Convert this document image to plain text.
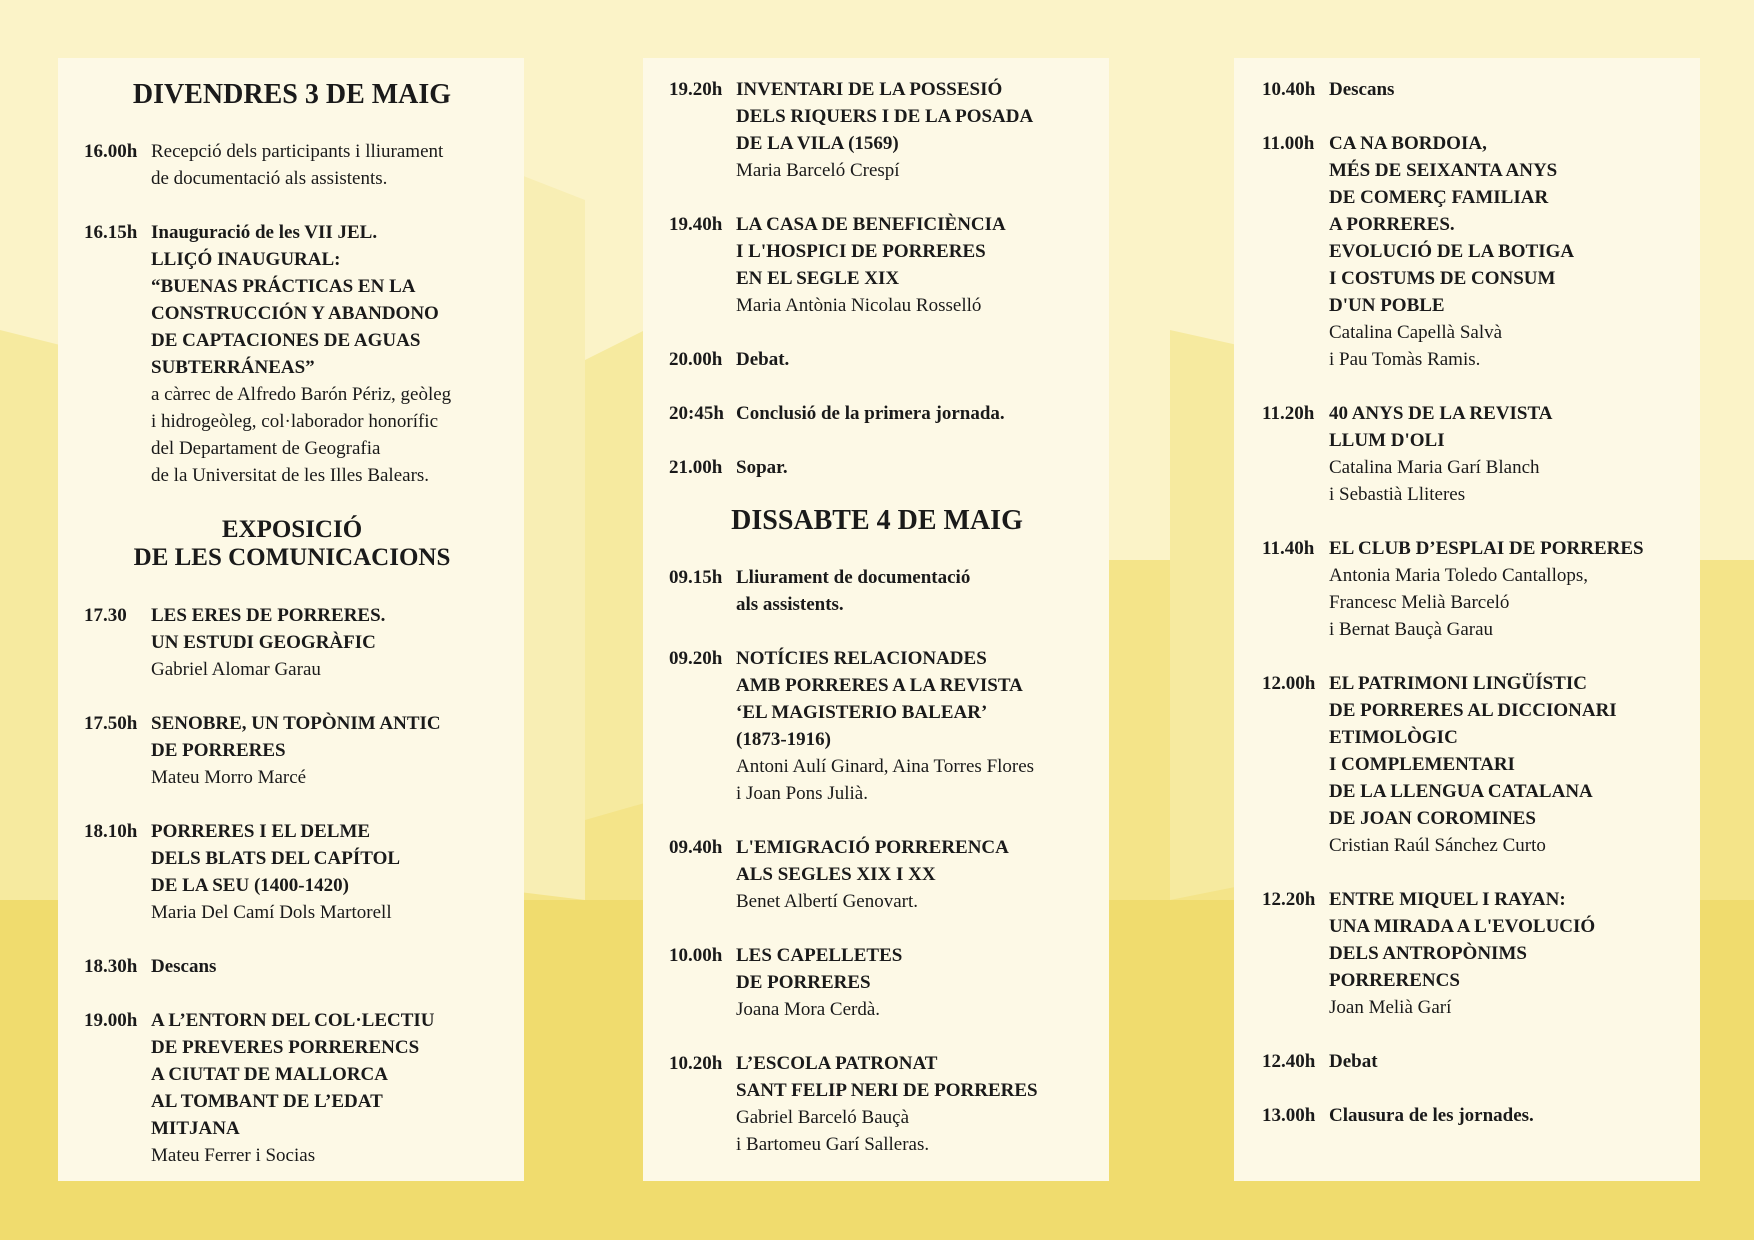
DIVENDRES 3 DE MAIG
16.00h Recepció dels participants i lliurament
de documentació als assistents.
16.15h Inauguració de les VII JEL.
LLIÇÓ INAUGURAL:
“BUENAS PRÁCTICAS EN LA
CONSTRUCCIÓN Y ABANDONO
DE CAPTACIONES DE AGUAS
SUBTERRÁNEAS”
a càrrec de Alfredo Barón Périz, geòleg
i hidrogeòleg, col·laborador honorífic
del Departament de Geografia
de la Universitat de les Illes Balears.
EXPOSICIÓ
DE LES COMUNICACIONS
17.30	LES ERES DE PORRERES.
UN ESTUDI GEOGRÀFIC
Gabriel Alomar Garau
17.50h SENOBRE, UN TOPÒNIM ANTIC
DE PORRERES
Mateu Morro Marcé
18.10h PORRERES I EL DELME
DELS BLATS DEL CAPÍTOL
DE LA SEU (1400-1420)
Maria Del Camí Dols Martorell
18.30h Descans
19.00h A L’ENTORN DEL COL·LECTIU
DE PREVERES PORRERENCS
A CIUTAT DE MALLORCA
AL TOMBANT DE L’EDAT
MITJANA
Mateu Ferrer i Socias
19.20h INVENTARI DE LA POSSESIÓ
DELS RIQUERS I DE LA POSADA
DE LA VILA (1569)
Maria Barceló Crespí
19.40h LA CASA DE BENEFICIÈNCIA
I L'HOSPICI DE PORRERES
EN EL SEGLE XIX
Maria Antònia Nicolau Rosselló
20.00h Debat.
20:45h Conclusió de la primera jornada.
21.00h Sopar.
DISSABTE 4 DE MAIG
09.15h Lliurament de documentació
als assistents.
09.20h NOTÍCIES RELACIONADES
AMB PORRERES A LA REVISTA
‘EL MAGISTERIO BALEAR’
(1873-1916)
Antoni Aulí Ginard, Aina Torres Flores
i Joan Pons Julià.
09.40h L'EMIGRACIÓ PORRERENCA
ALS SEGLES XIX I XX
Benet Albertí Genovart.
10.00h LES CAPELLETES
DE PORRERES
Joana Mora Cerdà.
10.20h L’ESCOLA PATRONAT
SANT FELIP NERI DE PORRERES
Gabriel Barceló Bauçà
i Bartomeu Garí Salleras.
10.40h Descans
11.00h CA NA BORDOIA,
MÉS DE SEIXANTA ANYS
DE COMERÇ FAMILIAR
A PORRERES.
EVOLUCIÓ DE LA BOTIGA
I COSTUMS DE CONSUM
D'UN POBLE
Catalina Capellà Salvà
i Pau Tomàs Ramis.
11.20h 40 ANYS DE LA REVISTA
LLUM D'OLI
Catalina Maria Garí Blanch
i Sebastià Lliteres
11.40h EL CLUB D’ESPLAI DE PORRERES
Antonia Maria Toledo Cantallops,
Francesc Melià Barceló
i Bernat Bauçà Garau
12.00h EL PATRIMONI LINGÜÍSTIC
DE PORRERES AL DICCIONARI
ETIMOLÒGIC
I COMPLEMENTARI
DE LA LLENGUA CATALANA
DE JOAN COROMINES
Cristian Raúl Sánchez Curto
12.20h ENTRE MIQUEL I RAYAN:
UNA MIRADA A L'EVOLUCIÓ
DELS ANTROPÒNIMS
PORRERENCS
Joan Melià Garí
12.40h Debat
13.00h Clausura de les jornades.
